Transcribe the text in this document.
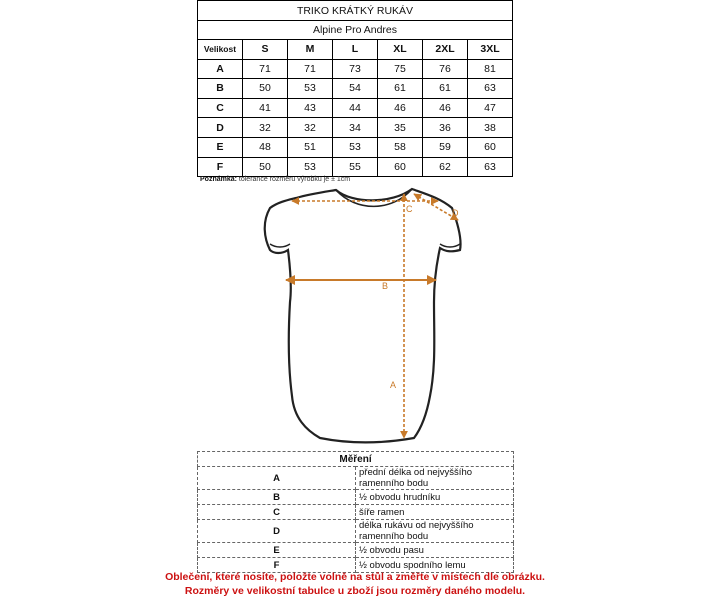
TRIKO KRÁTKÝ RUKÁV						
Alpine Pro Andres						
Velikost	S	M	L	XL	2XL	3XL
A	71	71	73	75	76	81
B	50	53	54	61	61	63
C	41	43	44	46	46	47
D	32	32	34	35	36	38
E	48	51	53	58	59	60
F	50	53	55	60	62	63
Poznámka: tolerance rozměru výrobku je ± 1cm
C	D
B
A
Měření	
A	přední délka od nejvyššího ramenního bodu
B	½ obvodu hrudníku
C	šíře ramen
D	délka rukávu od nejvyššího ramenního bodu
E	½ obvodu pasu
F	½ obvodu spodního lemu
Oblečení, které nosíte, položte volně na stůl a změřte v místech dle obrázku.
Rozměry ve velikostní tabulce u zboží jsou rozměry daného modelu.
